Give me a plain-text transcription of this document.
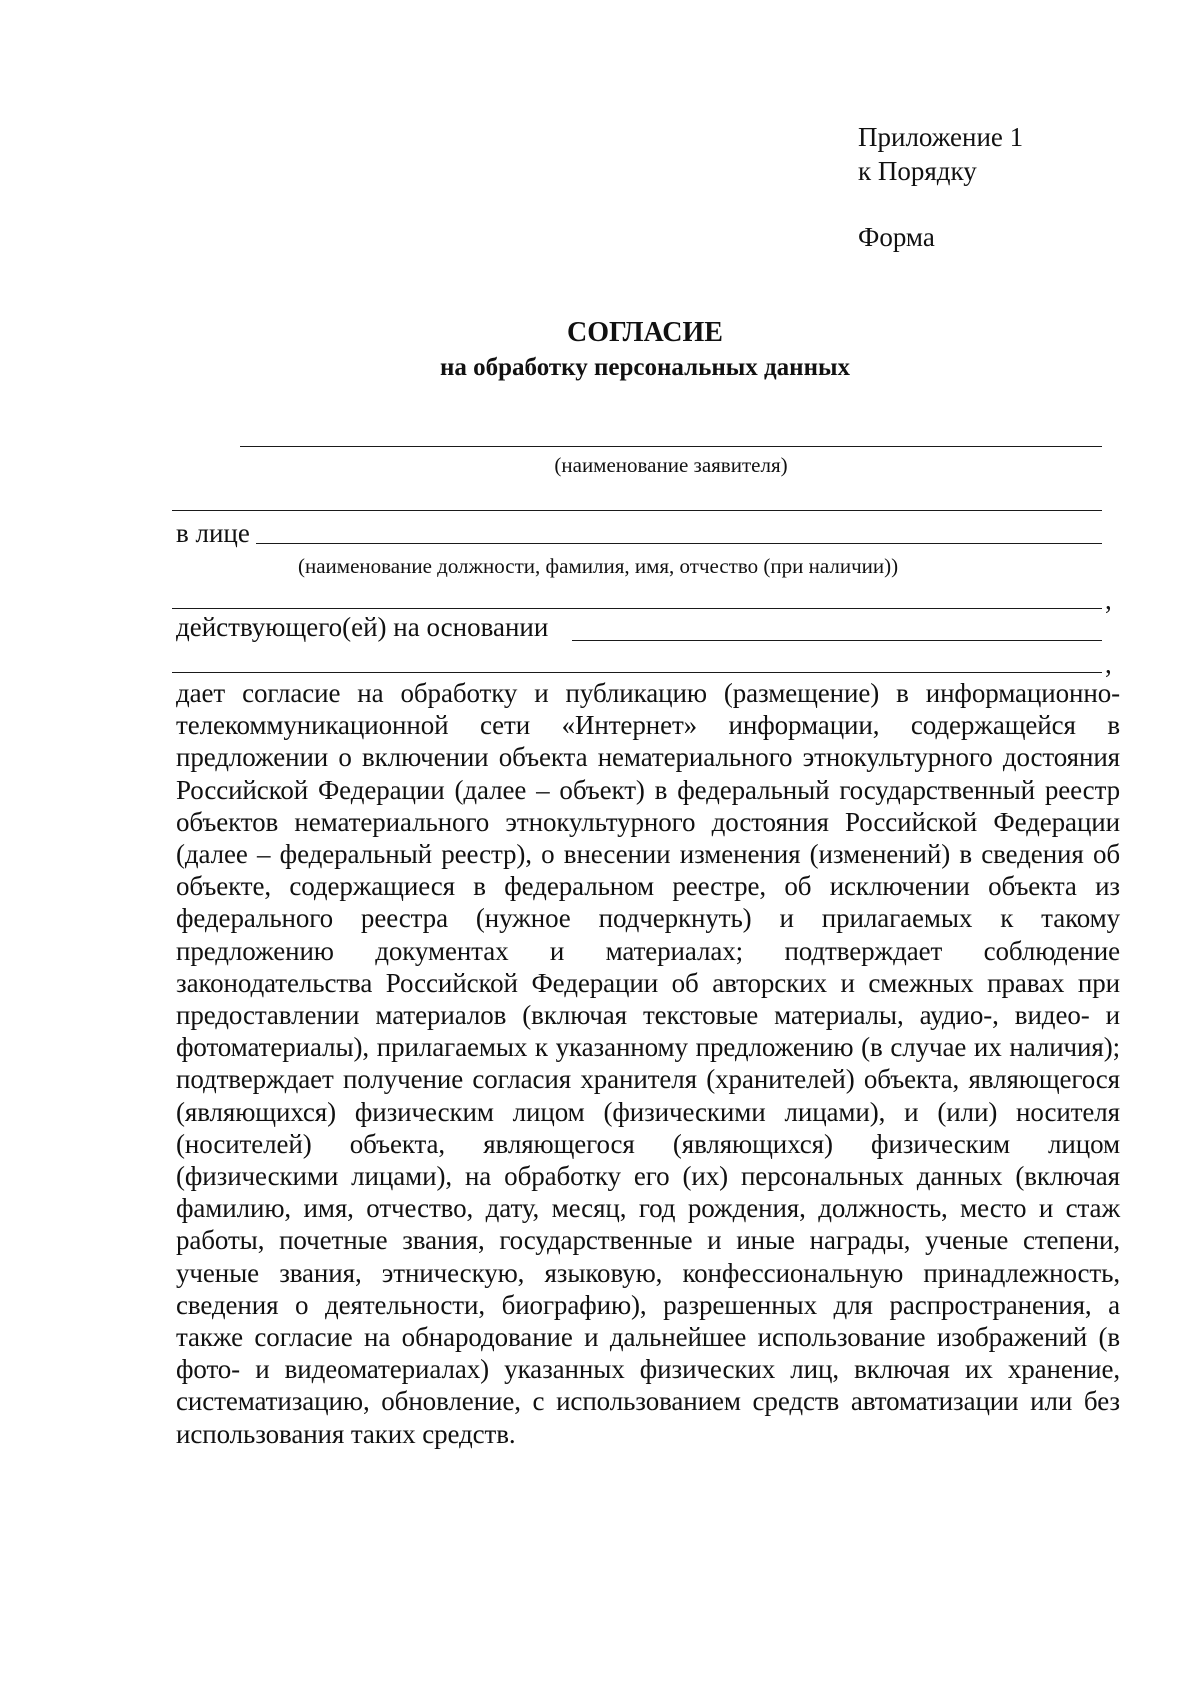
Приложение 1
к Порядку
Форма
СОГЛАСИЕ
на обработку персональных данных
(наименование заявителя)
в лице
(наименование должности, фамилия, имя, отчество (при наличии))
,
действующего(ей) на основании
,
дает согласие на обработку и публикацию (размещение) в информационно-телекоммуникационной сети «Интернет» информации, содержащейся в предложении о включении объекта нематериального этнокультурного достояния Российской Федерации (далее – объект) в федеральный государственный реестр объектов нематериального этнокультурного достояния Российской Федерации (далее – федеральный реестр), о внесении изменения (изменений) в сведения об объекте, содержащиеся в федеральном реестре, об исключении объекта из федерального реестра (нужное подчеркнуть) и прилагаемых к такому предложению документах и материалах; подтверждает соблюдение законодательства Российской Федерации об авторских и смежных правах при предоставлении материалов (включая текстовые материалы, аудио-, видео- и фотоматериалы), прилагаемых к указанному предложению (в случае их наличия); подтверждает получение согласия хранителя (хранителей) объекта, являющегося (являющихся) физическим лицом (физическими лицами), и (или) носителя (носителей) объекта, являющегося (являющихся) физическим лицом (физическими лицами), на обработку его (их) персональных данных (включая фамилию, имя, отчество, дату, месяц, год рождения, должность, место и стаж работы, почетные звания, государственные и иные награды, ученые степени, ученые звания, этническую, языковую, конфессиональную принадлежность, сведения о деятельности, биографию), разрешенных для распространения, а также согласие на обнародование и дальнейшее использование изображений (в фото- и видеоматериалах) указанных физических лиц, включая их хранение, систематизацию, обновление, с использованием средств автоматизации или без использования таких средств.
